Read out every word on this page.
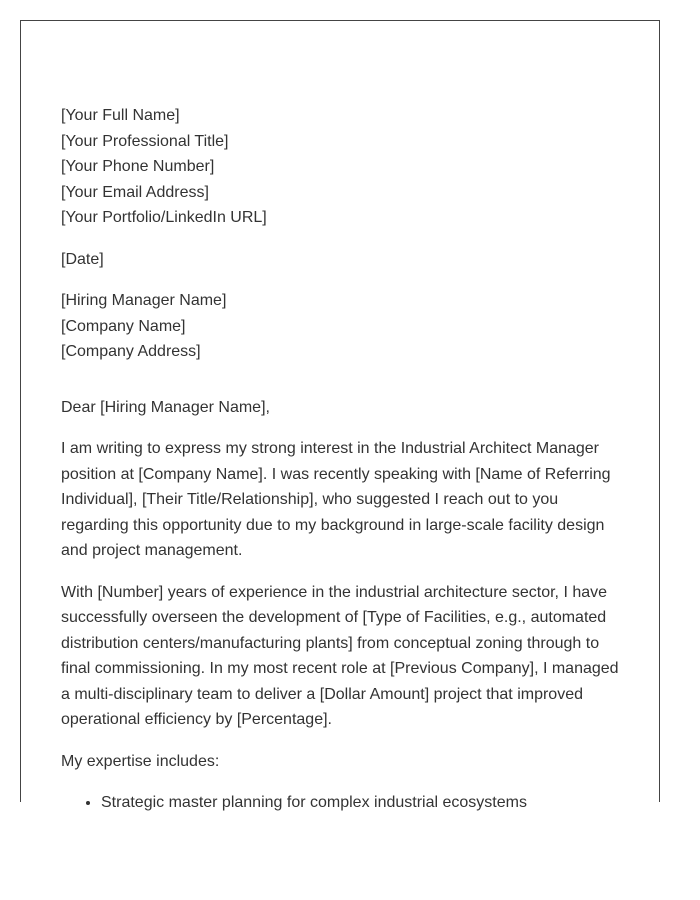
[Your Full Name]
[Your Professional Title]
[Your Phone Number]
[Your Email Address]
[Your Portfolio/LinkedIn URL]
[Date]
[Hiring Manager Name]
[Company Name]
[Company Address]

Dear [Hiring Manager Name],

I am writing to express my strong interest in the Industrial Architect Manager position at [Company Name]. I was recently speaking with [Name of Referring Individual], [Their Title/Relationship], who suggested I reach out to you regarding this opportunity due to my background in large-scale facility design and project management.

With [Number] years of experience in the industrial architecture sector, I have successfully overseen the development of [Type of Facilities, e.g., automated distribution centers/manufacturing plants] from conceptual zoning through to final commissioning. In my most recent role at [Previous Company], I managed a multi-disciplinary team to deliver a [Dollar Amount] project that improved operational efficiency by [Percentage].

My expertise includes:

• Strategic master planning for complex industrial ecosystems
